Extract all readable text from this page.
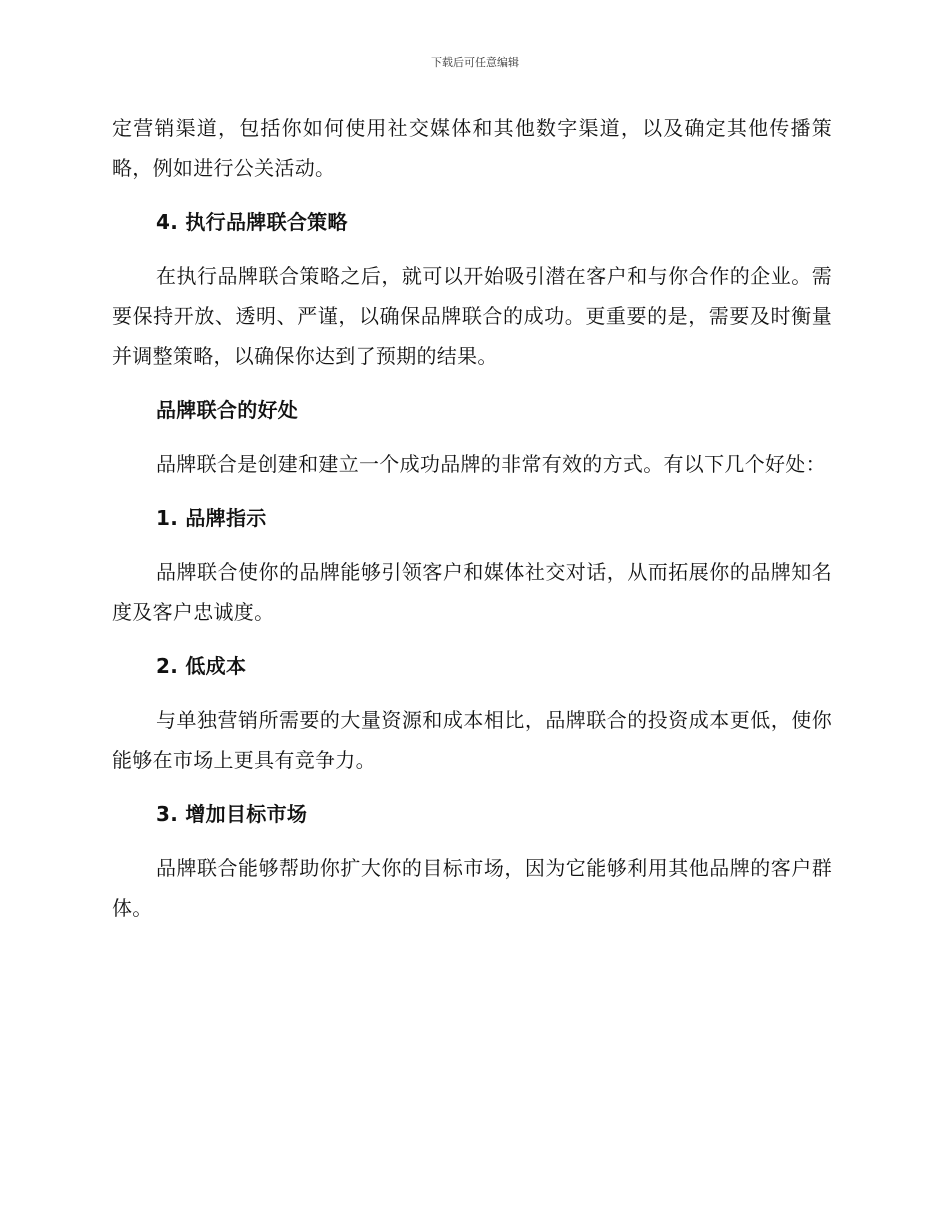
下载后可任意编辑

定营销渠道，包括你如何使用社交媒体和其他数字渠道，以及确定其他传播策略，例如进行公关活动。

4. 执行品牌联合策略

在执行品牌联合策略之后，就可以开始吸引潜在客户和与你合作的企业。需要保持开放、透明、严谨，以确保品牌联合的成功。更重要的是，需要及时衡量并调整策略，以确保你达到了预期的结果。

品牌联合的好处

品牌联合是创建和建立一个成功品牌的非常有效的方式。有以下几个好处：

1. 品牌指示

品牌联合使你的品牌能够引领客户和媒体社交对话，从而拓展你的品牌知名度及客户忠诚度。

2. 低成本

与单独营销所需要的大量资源和成本相比，品牌联合的投资成本更低，使你能够在市场上更具有竞争力。

3. 增加目标市场

品牌联合能够帮助你扩大你的目标市场，因为它能够利用其他品牌的客户群体。
